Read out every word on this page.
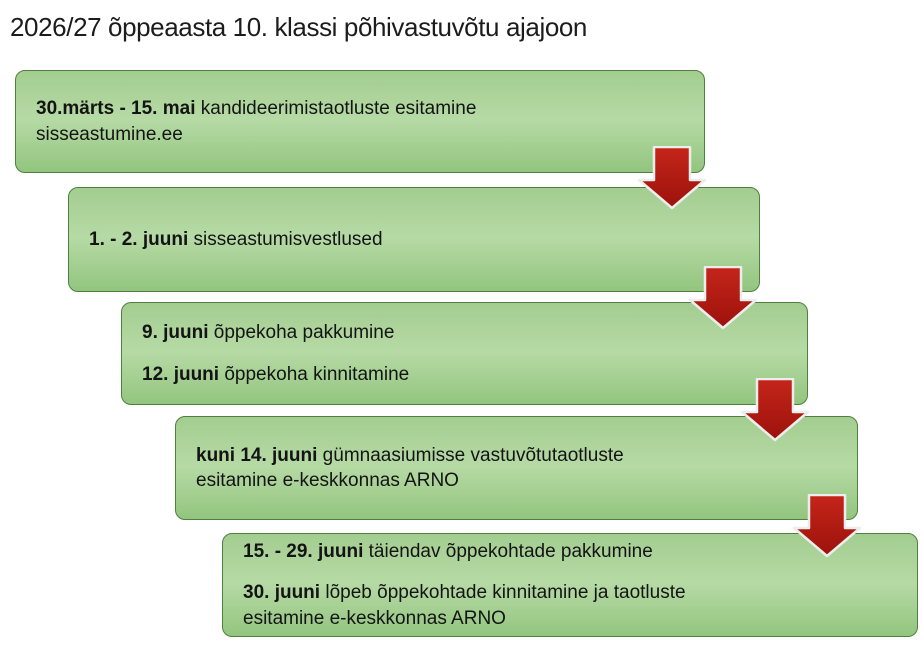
2026/27 õppeaasta 10. klassi põhivastuvõtu ajajoon

30.märts - 15. mai kandideerimistaotluste esitamine sisseastumine.ee

1. - 2. juuni sisseastumisvestlused

9. juuni õppekoha pakkumine

12. juuni õppekoha kinnitamine

kuni 14. juuni gümnaasiumisse vastuvõtutaotluste esitamine e-keskkonnas ARNO

15. - 29. juuni täiendav õppekohtade pakkumine

30. juuni lõpeb õppekohtade kinnitamine ja taotluste esitamine e-keskkonnas ARNO
